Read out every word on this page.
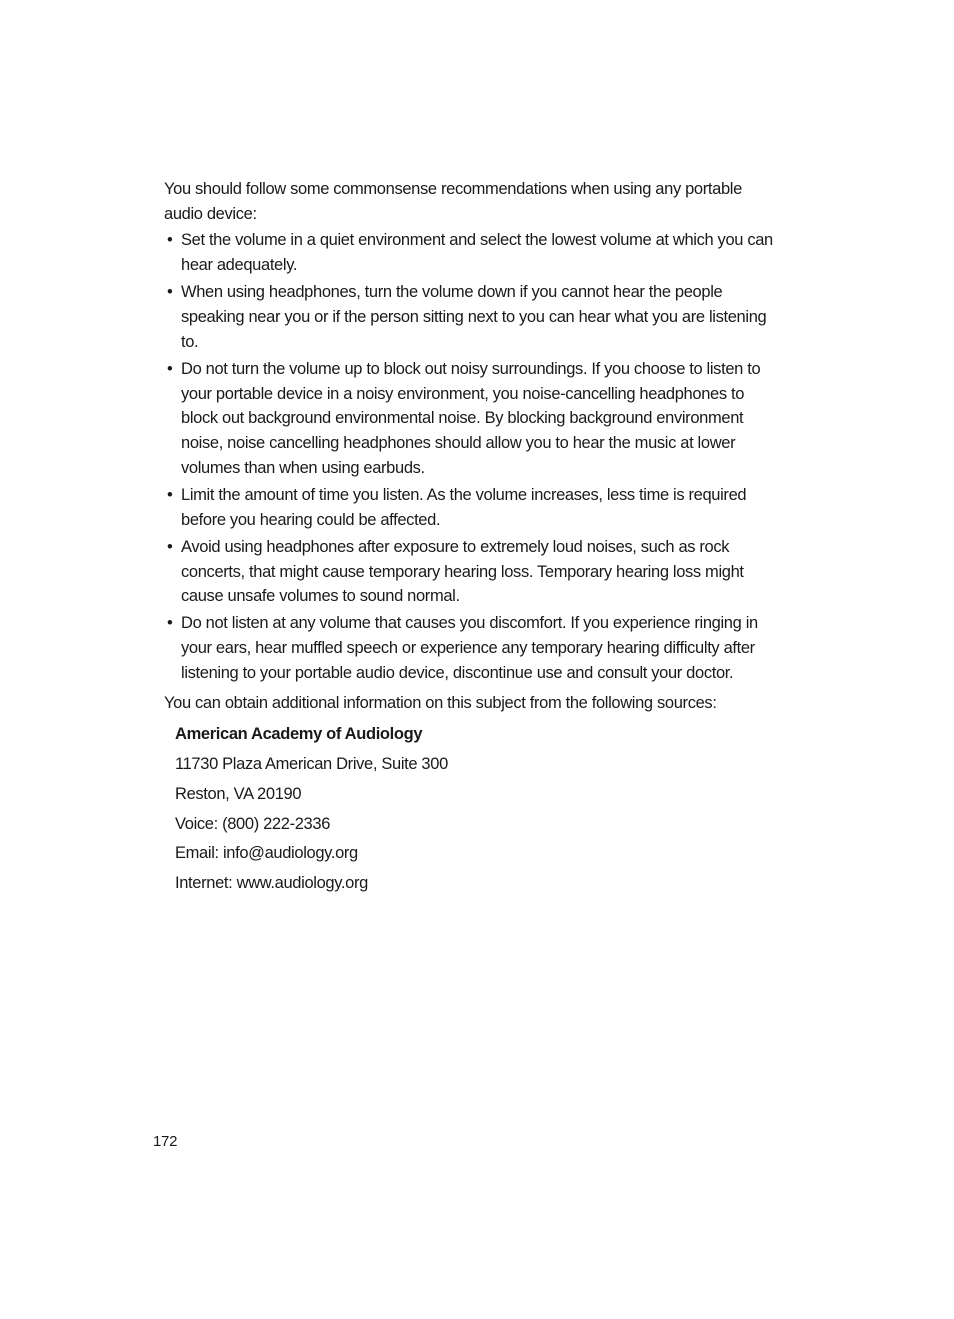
You should follow some commonsense recommendations when using any portable audio device:

• Set the volume in a quiet environment and select the lowest volume at which you can hear adequately.
• When using headphones, turn the volume down if you cannot hear the people speaking near you or if the person sitting next to you can hear what you are listening to.
• Do not turn the volume up to block out noisy surroundings. If you choose to listen to your portable device in a noisy environment, you noise-cancelling headphones to block out background environmental noise. By blocking background environment noise, noise cancelling headphones should allow you to hear the music at lower volumes than when using earbuds.
• Limit the amount of time you listen. As the volume increases, less time is required before you hearing could be affected.
• Avoid using headphones after exposure to extremely loud noises, such as rock concerts, that might cause temporary hearing loss. Temporary hearing loss might cause unsafe volumes to sound normal.
• Do not listen at any volume that causes you discomfort. If you experience ringing in your ears, hear muffled speech or experience any temporary hearing difficulty after listening to your portable audio device, discontinue use and consult your doctor.

You can obtain additional information on this subject from the following sources:

American Academy of Audiology
11730 Plaza American Drive, Suite 300
Reston, VA 20190
Voice: (800) 222-2336
Email: info@audiology.org
Internet: www.audiology.org
172
